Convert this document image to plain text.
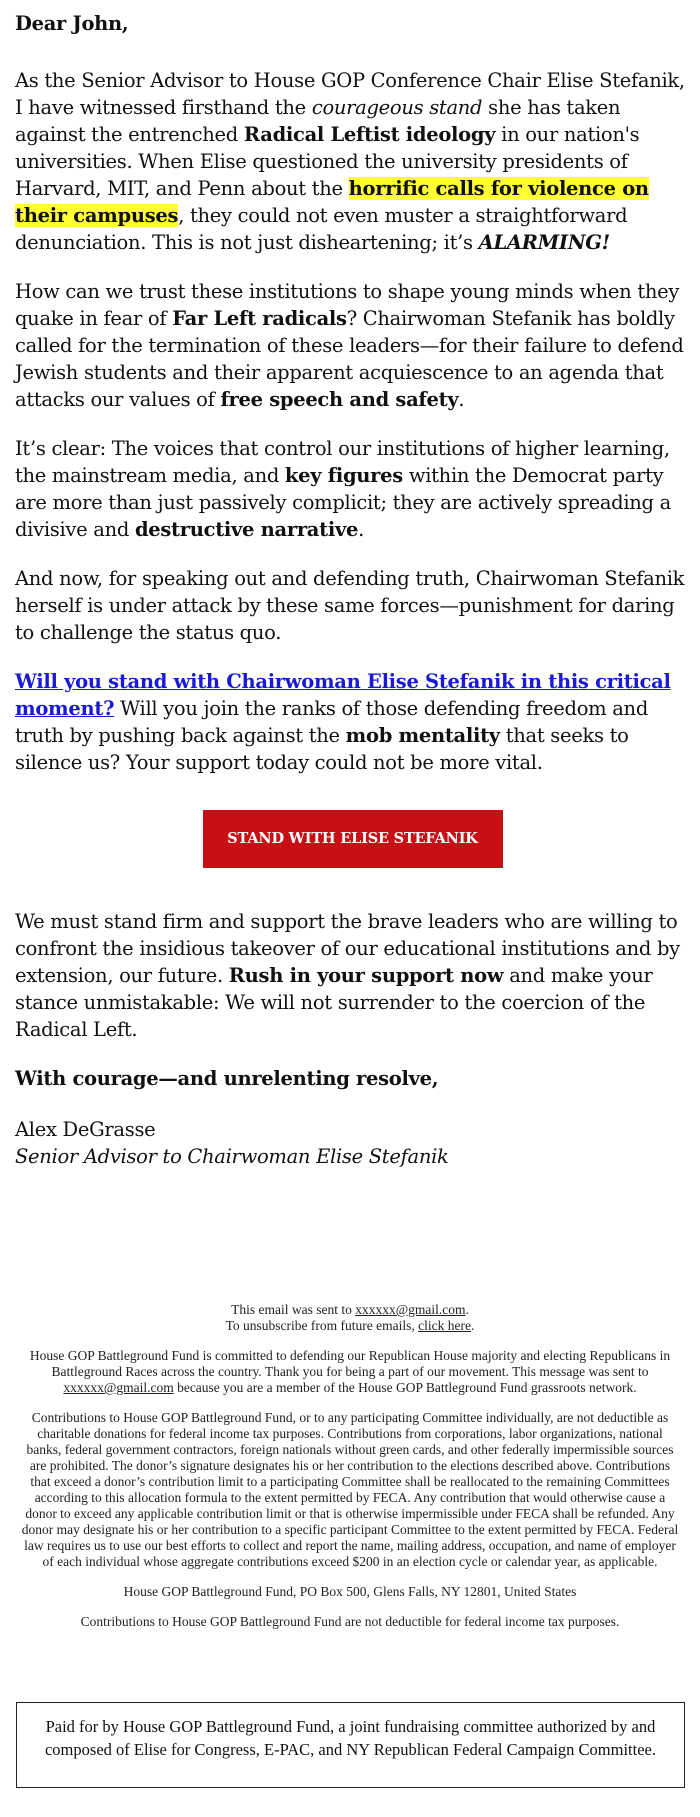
Dear John,

As the Senior Advisor to House GOP Conference Chair Elise Stefanik, I have witnessed firsthand the courageous stand she has taken against the entrenched Radical Leftist ideology in our nation's universities. When Elise questioned the university presidents of Harvard, MIT, and Penn about the horrific calls for violence on their campuses, they could not even muster a straightforward denunciation. This is not just disheartening; it’s ALARMING!

How can we trust these institutions to shape young minds when they quake in fear of Far Left radicals? Chairwoman Stefanik has boldly called for the termination of these leaders—for their failure to defend Jewish students and their apparent acquiescence to an agenda that attacks our values of free speech and safety.

It’s clear: The voices that control our institutions of higher learning, the mainstream media, and key figures within the Democrat party are more than just passively complicit; they are actively spreading a divisive and destructive narrative.

And now, for speaking out and defending truth, Chairwoman Stefanik herself is under attack by these same forces—punishment for daring to challenge the status quo.

Will you stand with Chairwoman Elise Stefanik in this critical moment? Will you join the ranks of those defending freedom and truth by pushing back against the mob mentality that seeks to silence us? Your support today could not be more vital.

STAND WITH ELISE STEFANIK

We must stand firm and support the brave leaders who are willing to confront the insidious takeover of our educational institutions and by extension, our future. Rush in your support now and make your stance unmistakable: We will not surrender to the coercion of the Radical Left.

With courage—and unrelenting resolve,

Alex DeGrasse
Senior Advisor to Chairwoman Elise Stefanik

This email was sent to xxxxxx@gmail.com.
To unsubscribe from future emails, click here.

House GOP Battleground Fund is committed to defending our Republican House majority and electing Republicans in Battleground Races across the country. Thank you for being a part of our movement. This message was sent to xxxxxx@gmail.com because you are a member of the House GOP Battleground Fund grassroots network.

Contributions to House GOP Battleground Fund, or to any participating Committee individually, are not deductible as charitable donations for federal income tax purposes. Contributions from corporations, labor organizations, national banks, federal government contractors, foreign nationals without green cards, and other federally impermissible sources are prohibited. The donor’s signature designates his or her contribution to the elections described above. Contributions that exceed a donor’s contribution limit to a participating Committee shall be reallocated to the remaining Committees according to this allocation formula to the extent permitted by FECA. Any contribution that would otherwise cause a donor to exceed any applicable contribution limit or that is otherwise impermissible under FECA shall be refunded. Any donor may designate his or her contribution to a specific participant Committee to the extent permitted by FECA. Federal law requires us to use our best efforts to collect and report the name, mailing address, occupation, and name of employer of each individual whose aggregate contributions exceed $200 in an election cycle or calendar year, as applicable.

House GOP Battleground Fund, PO Box 500, Glens Falls, NY 12801, United States

Contributions to House GOP Battleground Fund are not deductible for federal income tax purposes.

Paid for by House GOP Battleground Fund, a joint fundraising committee authorized by and composed of Elise for Congress, E-PAC, and NY Republican Federal Campaign Committee.
